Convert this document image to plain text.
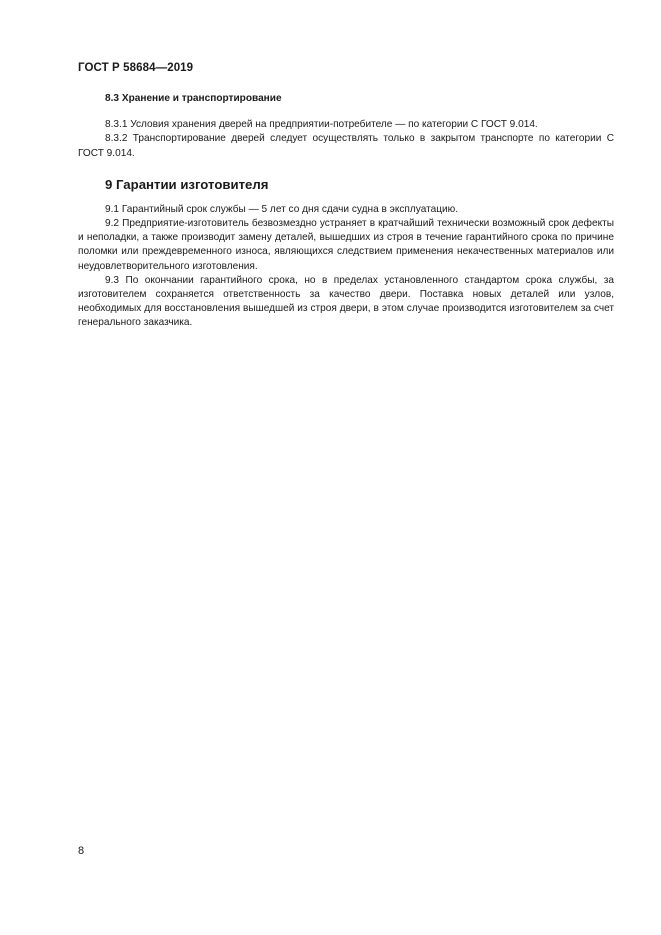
ГОСТ Р 58684—2019

8.3 Хранение и транспортирование

8.3.1 Условия хранения дверей на предприятии-потребителе — по категории С ГОСТ 9.014.

8.3.2 Транспортирование дверей следует осуществлять только в закрытом транспорте по категории С ГОСТ 9.014.

9 Гарантии изготовителя

9.1 Гарантийный срок службы — 5 лет со дня сдачи судна в эксплуатацию.

9.2 Предприятие-изготовитель безвозмездно устраняет в кратчайший технически возможный срок дефекты и неполадки, а также производит замену деталей, вышедших из строя в течение гарантийного срока по причине поломки или преждевременного износа, являющихся следствием применения некачественных материалов или неудовлетворительного изготовления.

9.3 По окончании гарантийного срока, но в пределах установленного стандартом срока службы, за изготовителем сохраняется ответственность за качество двери. Поставка новых деталей или узлов, необходимых для восстановления вышедшей из строя двери, в этом случае производится изготовителем за счет генерального заказчика.

8
